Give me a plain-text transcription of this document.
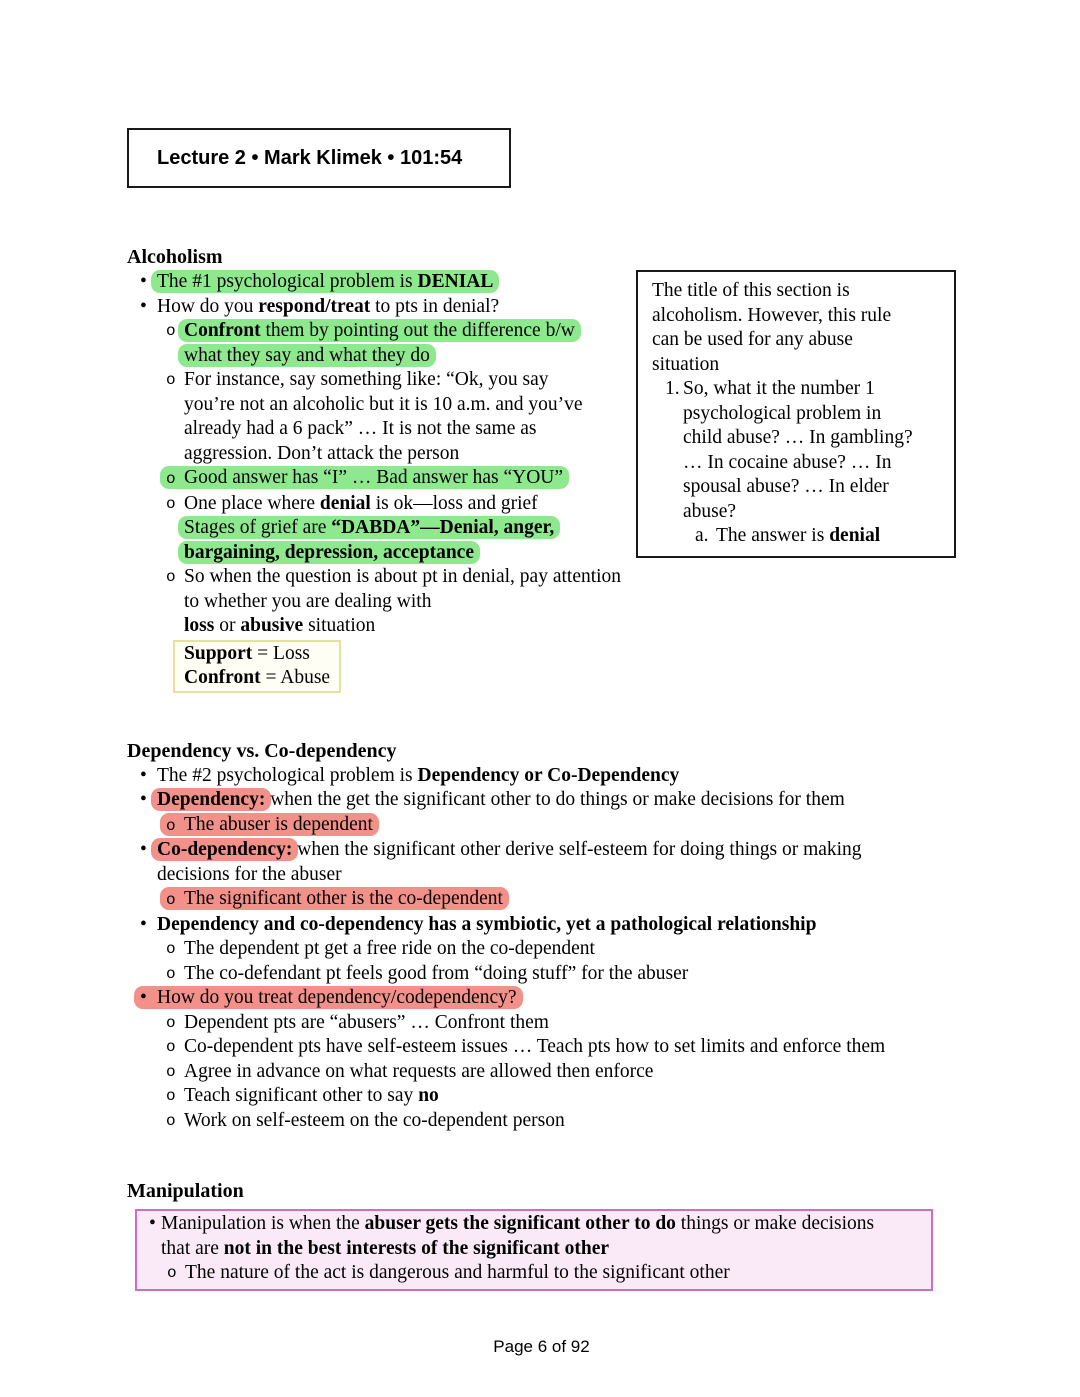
Lecture 2 • Mark Klimek • 101:54
Alcoholism
The title of this section is
alcoholism. However, this rule
can be used for any abuse
situation
1. So, what it the number 1
psychological problem in
child abuse? … In gambling?
… In cocaine abuse? … In
spousal abuse? … In elder
abuse?
a. The answer is denial
• The #1 psychological problem is DENIAL
• How do you respond/treat to pts in denial?
o Confront them by pointing out the difference b/w
what they say and what they do
o For instance, say something like: “Ok, you say
you’re not an alcoholic but it is 10 a.m. and you’ve
already had a 6 pack” … It is not the same as
aggression. Don’t attack the person
o Good answer has “I” … Bad answer has “YOU”
o One place where denial is ok—loss and grief
Stages of grief are “DABDA”—Denial, anger,
bargaining, depression, acceptance
o So when the question is about pt in denial, pay attention to whether you are dealing with
loss or abusive situation
Support = Loss
Confront = Abuse
Dependency vs. Co-dependency
• The #2 psychological problem is Dependency or Co-Dependency
• Dependency: when the get the significant other to do things or make decisions for them
o The abuser is dependent
• Co-dependency: when the significant other derive self-esteem for doing things or making
decisions for the abuser
o The significant other is the co-dependent
• Dependency and co-dependency has a symbiotic, yet a pathological relationship
o The dependent pt get a free ride on the co-dependent
o The co-defendant pt feels good from “doing stuff” for the abuser
• How do you treat dependency/codependency?
o Dependent pts are “abusers” … Confront them
o Co-dependent pts have self-esteem issues … Teach pts how to set limits and enforce them
o Agree in advance on what requests are allowed then enforce
o Teach significant other to say no
o Work on self-esteem on the co-dependent person
Manipulation
• Manipulation is when the abuser gets the significant other to do things or make decisions
that are not in the best interests of the significant other
o The nature of the act is dangerous and harmful to the significant other
Page 6 of 92
